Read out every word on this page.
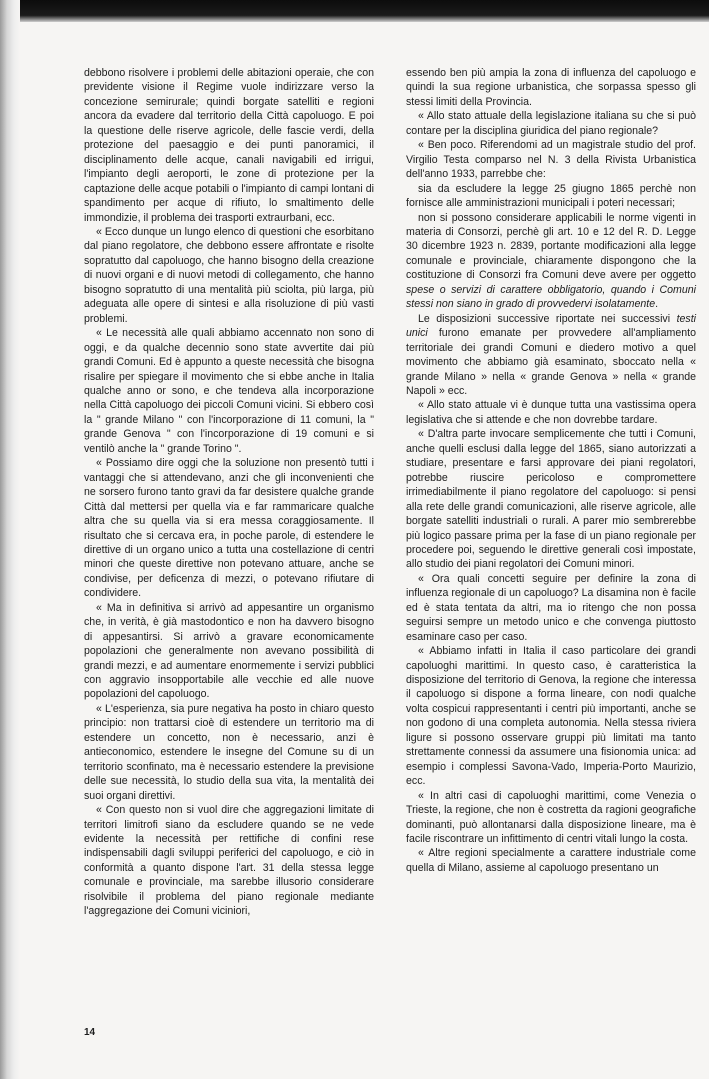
debbono risolvere i problemi delle abitazioni operaie, che con previdente visione il Regime vuole indirizzare verso la concezione semirurale; quindi borgate satelliti e regioni ancora da evadere dal territorio della Città capoluogo. E poi la questione delle riserve agricole, delle fascie verdi, della protezione del paesaggio e dei punti panoramici, il disciplinamento delle acque, canali navigabili ed irrigui, l'impianto degli aeroporti, le zone di protezione per la captazione delle acque potabili o l'impianto di campi lontani di spandimento per acque di rifiuto, lo smaltimento delle immondizie, il problema dei trasporti extraurbani, ecc.

« Ecco dunque un lungo elenco di questioni che esorbitano dal piano regolatore, che debbono essere affrontate e risolte sopratutto dal capoluogo, che hanno bisogno della creazione di nuovi organi e di nuovi metodi di collegamento, che hanno bisogno sopratutto di una mentalità più sciolta, più larga, più adeguata alle opere di sintesi e alla risoluzione di più vasti problemi.

« Le necessità alle quali abbiamo accennato non sono di oggi, e da qualche decennio sono state avvertite dai più grandi Comuni. Ed è appunto a queste necessità che bisogna risalire per spiegare il movimento che si ebbe anche in Italia qualche anno or sono, e che tendeva alla incorporazione nella Città capoluogo dei piccoli Comuni vicini. Si ebbero così la " grande Milano " con l'incorporazione di 11 comuni, la " grande Genova " con l'incorporazione di 19 comuni e si ventilò anche la " grande Torino ".

« Possiamo dire oggi che la soluzione non presentò tutti i vantaggi che si attendevano, anzi che gli inconvenienti che ne sorsero furono tanto gravi da far desistere qualche grande Città dal mettersi per quella via e far rammaricare qualche altra che su quella via si era messa coraggiosamente. Il risultato che si cercava era, in poche parole, di estendere le direttive di un organo unico a tutta una costellazione di centri minori che queste direttive non potevano attuare, anche se condivise, per deficenza di mezzi, o potevano rifiutare di condividere.

« Ma in definitiva si arrivò ad appesantire un organismo che, in verità, è già mastodontico e non ha davvero bisogno di appesantirsi. Si arrivò a gravare economicamente popolazioni che generalmente non avevano possibilità di grandi mezzi, e ad aumentare enormemente i servizi pubblici con aggravio insopportabile alle vecchie ed alle nuove popolazioni del capoluogo.

« L'esperienza, sia pure negativa ha posto in chiaro questo principio: non trattarsi cioè di estendere un territorio ma di estendere un concetto, non è necessario, anzi è antieconomico, estendere le insegne del Comune su di un territorio sconfinato, ma è necessario estendere la previsione delle sue necessità, lo studio della sua vita, la mentalità dei suoi organi direttivi.

« Con questo non si vuol dire che aggregazioni limitate di territori limitrofi siano da escludere quando se ne vede evidente la necessità per rettifiche di confini rese indispensabili dagli sviluppi periferici del capoluogo, e ciò in conformità a quanto dispone l'art. 31 della stessa legge comunale e provinciale, ma sarebbe illusorio considerare risolvibile il problema del piano regionale mediante l'aggregazione dei Comuni viciniori,

essendo ben più ampia la zona di influenza del capoluogo e quindi la sua regione urbanistica, che sorpassa spesso gli stessi limiti della Provincia.

« Allo stato attuale della legislazione italiana su che si può contare per la disciplina giuridica del piano regionale?

« Ben poco. Riferendomi ad un magistrale studio del prof. Virgilio Testa comparso nel N. 3 della Rivista Urbanistica dell'anno 1933, parrebbe che:

sia da escludere la legge 25 giugno 1865 perchè non fornisce alle amministrazioni municipali i poteri necessari;

non si possono considerare applicabili le norme vigenti in materia di Consorzi, perchè gli art. 10 e 12 del R. D. Legge 30 dicembre 1923 n. 2839, portante modificazioni alla legge comunale e provinciale, chiaramente dispongono che la costituzione di Consorzi fra Comuni deve avere per oggetto spese o servizi di carattere obbligatorio, quando i Comuni stessi non siano in grado di provvedervi isolatamente.

Le disposizioni successive riportate nei successivi testi unici furono emanate per provvedere all'ampliamento territoriale dei grandi Comuni e diedero motivo a quel movimento che abbiamo già esaminato, sboccato nella « grande Milano » nella « grande Genova » nella « grande Napoli » ecc.

« Allo stato attuale vi è dunque tutta una vastissima opera legislativa che si attende e che non dovrebbe tardare.

« D'altra parte invocare semplicemente che tutti i Comuni, anche quelli esclusi dalla legge del 1865, siano autorizzati a studiare, presentare e farsi approvare dei piani regolatori, potrebbe riuscire pericoloso e compromettere irrimediabilmente il piano regolatore del capoluogo: si pensi alla rete delle grandi comunicazioni, alle riserve agricole, alle borgate satelliti industriali o rurali. A parer mio sembrerebbe più logico passare prima per la fase di un piano regionale per procedere poi, seguendo le direttive generali così impostate, allo studio dei piani regolatori dei Comuni minori.

« Ora quali concetti seguire per definire la zona di influenza regionale di un capoluogo? La disamina non è facile ed è stata tentata da altri, ma io ritengo che non possa seguirsi sempre un metodo unico e che convenga piuttosto esaminare caso per caso.

« Abbiamo infatti in Italia il caso particolare dei grandi capoluoghi marittimi. In questo caso, è caratteristica la disposizione del territorio di Genova, la regione che interessa il capoluogo si dispone a forma lineare, con nodi qualche volta cospicui rappresentanti i centri più importanti, anche se non godono di una completa autonomia. Nella stessa riviera ligure si possono osservare gruppi più limitati ma tanto strettamente connessi da assumere una fisionomia unica: ad esempio i complessi Savona-Vado, Imperia-Porto Maurizio, ecc.

« In altri casi di capoluoghi marittimi, come Venezia o Trieste, la regione, che non è costretta da ragioni geografiche dominanti, può allontanarsi dalla disposizione lineare, ma è facile riscontrare un infittimento di centri vitali lungo la costa.

« Altre regioni specialmente a carattere industriale come quella di Milano, assieme al capoluogo presentano un

14
